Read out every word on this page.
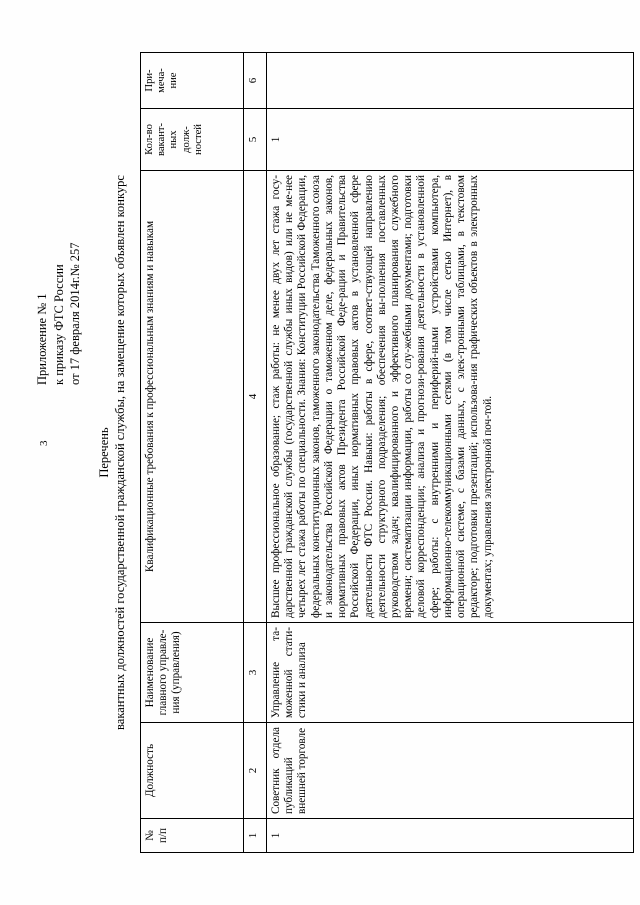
3
Приложение № 1 к приказу ФТС России от 17 февраля 2014г.№ 257
Перечень вакантных должностей государственной гражданской службы, на замещение которых объявлен конкурс
№ п/п	Должность	Наименование главного управле- ния (управления)	Квалификационные требования к профессиональным знаниям и навыкам	Кол-во вакант- ных долж- ностей	При- меча- ние

1	2	3	4	5	6
1	Советник отдела публикаций внешней торговле	Управление та-моженной стати-стики и анализа	Высшее профессиональное образование; стаж работы: не менее двух лет стажа госу-дарственной гражданской службы (государственной службы иных видов) или не ме-нее четырех лет стажа работы по специальности. Знания: Конституции Российской Федерации, федеральных конституционных законов, таможенного законодательства Таможенного союза и законодательства Российской Федерации о таможенном деле, федеральных законов, нормативных правовых актов Президента Российской Феде-рации и Правительства Российской Федерации, иных нормативных правовых актов в установленной сфере деятельности ФТС России. Навыки: работы в сфере, соответ-ствующей направлению деятельности структурного подразделения; обеспечения вы-полнения поставленных руководством задач; квалифицированного и эффективного планирования служебного времени; систематизации информации, работы со слу-жебными документами; подготовки деловой корреспонденции; анализа и прогнози-рования деятельности в установленной сфере; работы: с внутренними и периферий-ными устройствами компьютера, информационно-телекоммуникационными сетями (в том числе сетью Интернет), в операционной системе, с базами данных, с элек-тронными таблицами, в текстовом редакторе; подготовки презентаций; использова-ния графических объектов в электронных документах; управления электронной поч-той.	1	
